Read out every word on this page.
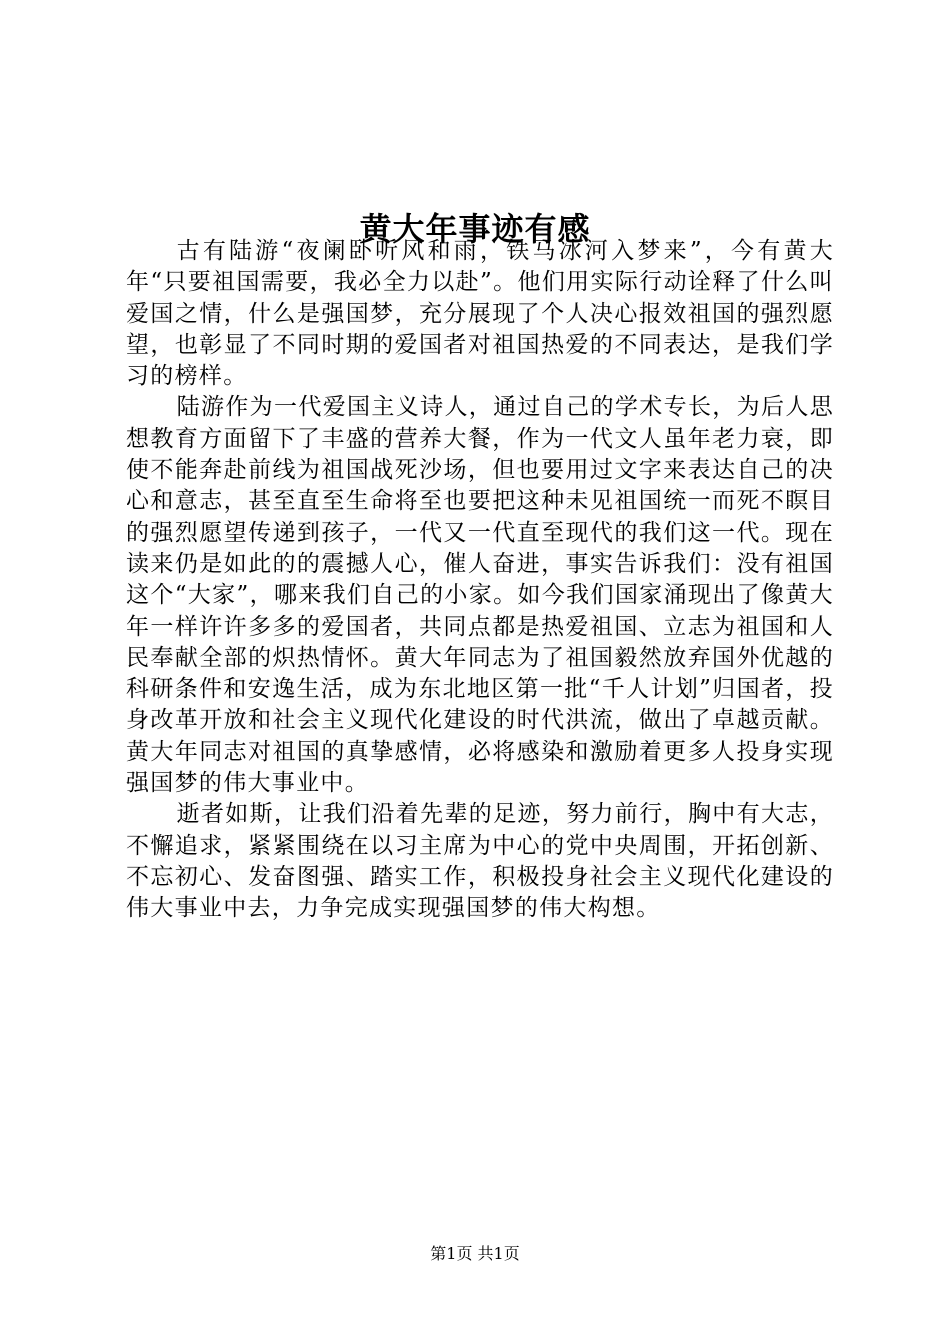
黄大年事迹有感

古有陆游“夜阑卧听风和雨，铁马冰河入梦来”，今有黄大年“只要祖国需要，我必全力以赴”。他们用实际行动诠释了什么叫爱国之情，什么是强国梦，充分展现了个人决心报效祖国的强烈愿望，也彰显了不同时期的爱国者对祖国热爱的不同表达，是我们学习的榜样。

陆游作为一代爱国主义诗人，通过自己的学术专长，为后人思想教育方面留下了丰盛的营养大餐，作为一代文人虽年老力衰，即使不能奔赴前线为祖国战死沙场，但也要用过文字来表达自己的决心和意志，甚至直至生命将至也要把这种未见祖国统一而死不瞑目的强烈愿望传递到孩子，一代又一代直至现代的我们这一代。现在读来仍是如此的的震撼人心，催人奋进，事实告诉我们：没有祖国这个“大家”，哪来我们自己的小家。如今我们国家涌现出了像黄大年一样许许多多的爱国者，共同点都是热爱祖国、立志为祖国和人民奉献全部的炽热情怀。黄大年同志为了祖国毅然放弃国外优越的科研条件和安逸生活，成为东北地区第一批“千人计划”归国者，投身改革开放和社会主义现代化建设的时代洪流，做出了卓越贡献。黄大年同志对祖国的真挚感情，必将感染和激励着更多人投身实现强国梦的伟大事业中。

逝者如斯，让我们沿着先辈的足迹，努力前行，胸中有大志，不懈追求，紧紧围绕在以习主席为中心的党中央周围，开拓创新、不忘初心、发奋图强、踏实工作，积极投身社会主义现代化建设的伟大事业中去，力争完成实现强国梦的伟大构想。

第1页 共1页
